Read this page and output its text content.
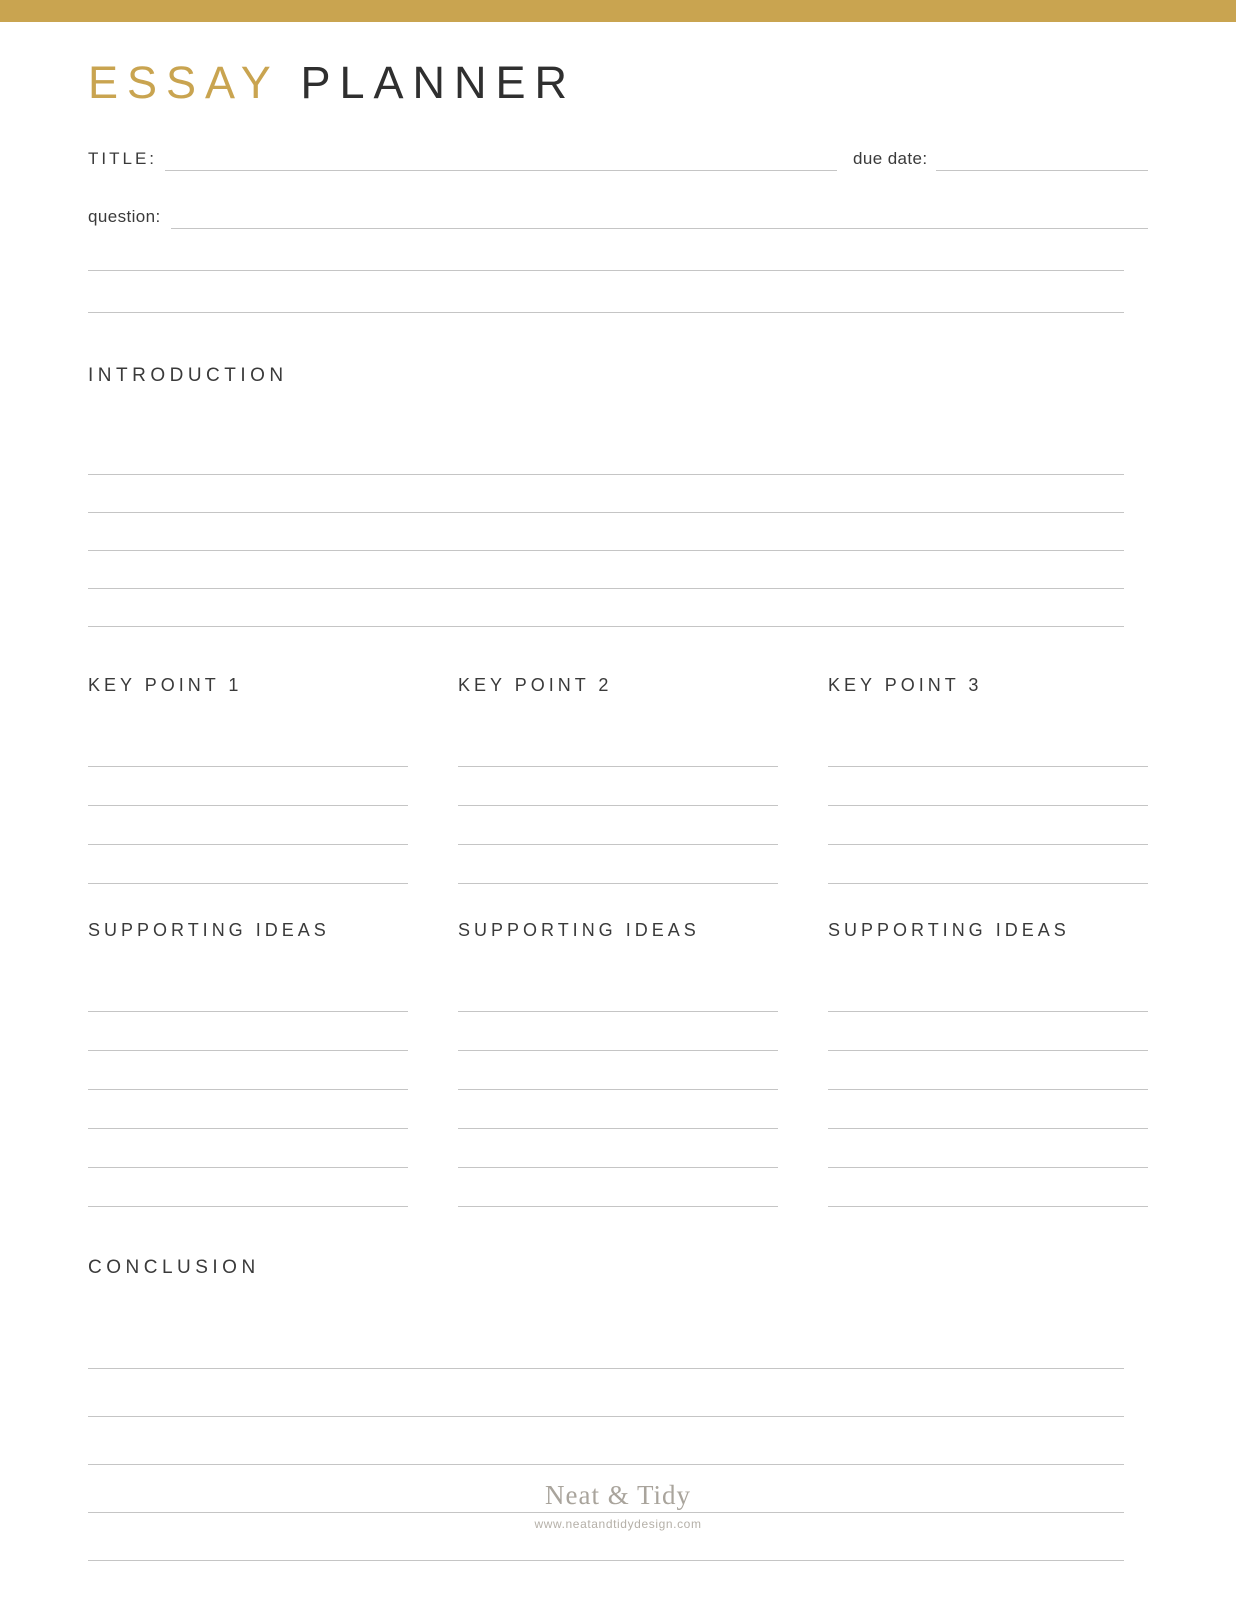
ESSAY PLANNER
TITLE:	due date:
question:
INTRODUCTION
KEY POINT 1
SUPPORTING IDEAS
KEY POINT 2
SUPPORTING IDEAS
KEY POINT 3
SUPPORTING IDEAS
CONCLUSION
Neat & Tidy
www.neatandtidydesign.com
